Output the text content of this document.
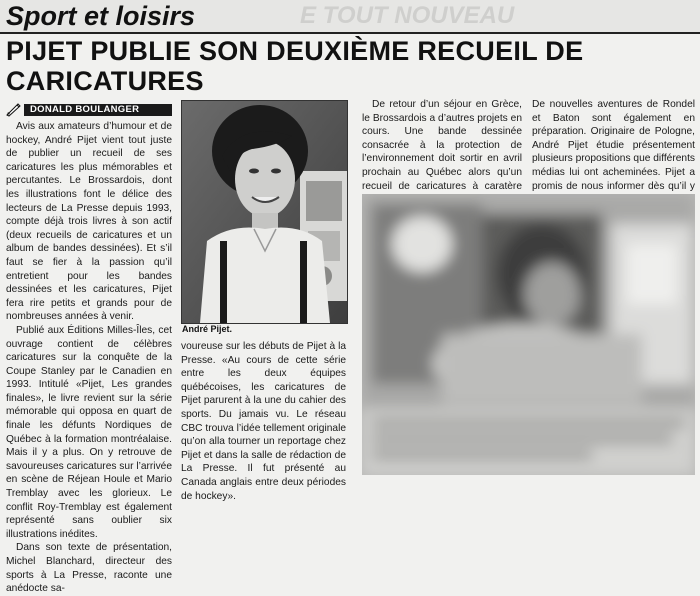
Sport et loisirs	E TOUT NOUVEAU
PIJET PUBLIE SON DEUXIÈME RECUEIL DE CARICATURES
DONALD BOULANGER

Avis aux amateurs d’humour et de hockey, André Pijet vient tout juste de publier un recueil de ses caricatures les plus mémorables et percutantes. Le Brossardois, dont les illustrations font le délice des lecteurs de La Presse depuis 1993, compte déjà trois livres à son actif (deux recueils de caricatures et un album de bandes dessinées). Et s’il faut se fier à la passion qu’il entretient pour les bandes dessinées et les caricatures, Pijet fera rire petits et grands pour de nombreuses années à venir.

Publié aux Éditions Milles-Îles, cet ouvrage contient de célèbres caricatures sur la conquête de la Coupe Stanley par le Canadien en 1993. Intitulé «Pijet, Les grandes finales», le livre revient sur la série mémorable qui opposa en quart de finale les défunts Nordiques de Québec à la formation montréalaise. Mais il y a plus. On y retrouve de savoureuses caricatures sur l’arrivée en scène de Réjean Houle et Mario Tremblay avec les glorieux. Le conflit Roy-Tremblay est également représenté sans oublier six illustrations inédites.

Dans son texte de présentation, Michel Blanchard, directeur des sports à La Presse, raconte une anédocte sa-

André Pijet.

voureuse sur les débuts de Pijet à la Presse. «Au cours de cette série entre les deux équipes québécoises, les caricatures de Pijet parurent à la une du cahier des sports. Du jamais vu. Le réseau CBC trouva l’idée tellement originale qu’on alla tourner un reportage chez Pijet et dans la salle de rédaction de La Presse. Il fut présenté au Canada anglais entre deux périodes de hockey».

De retour d’un séjour en Grèce, le Brossardois a d’autres projets en cours. Une bande dessinée consacrée à la protection de l’environnement doit sortir en avril prochain au Québec alors qu’un recueil de caricatures à caratère

De nouvelles aventures de Rondel et Baton sont également en préparation. Originaire de Pologne, André Pijet étudie présentement plusieurs propositions que différents médias lui ont acheminées. Pijet a promis de nous informer dès qu’il y
